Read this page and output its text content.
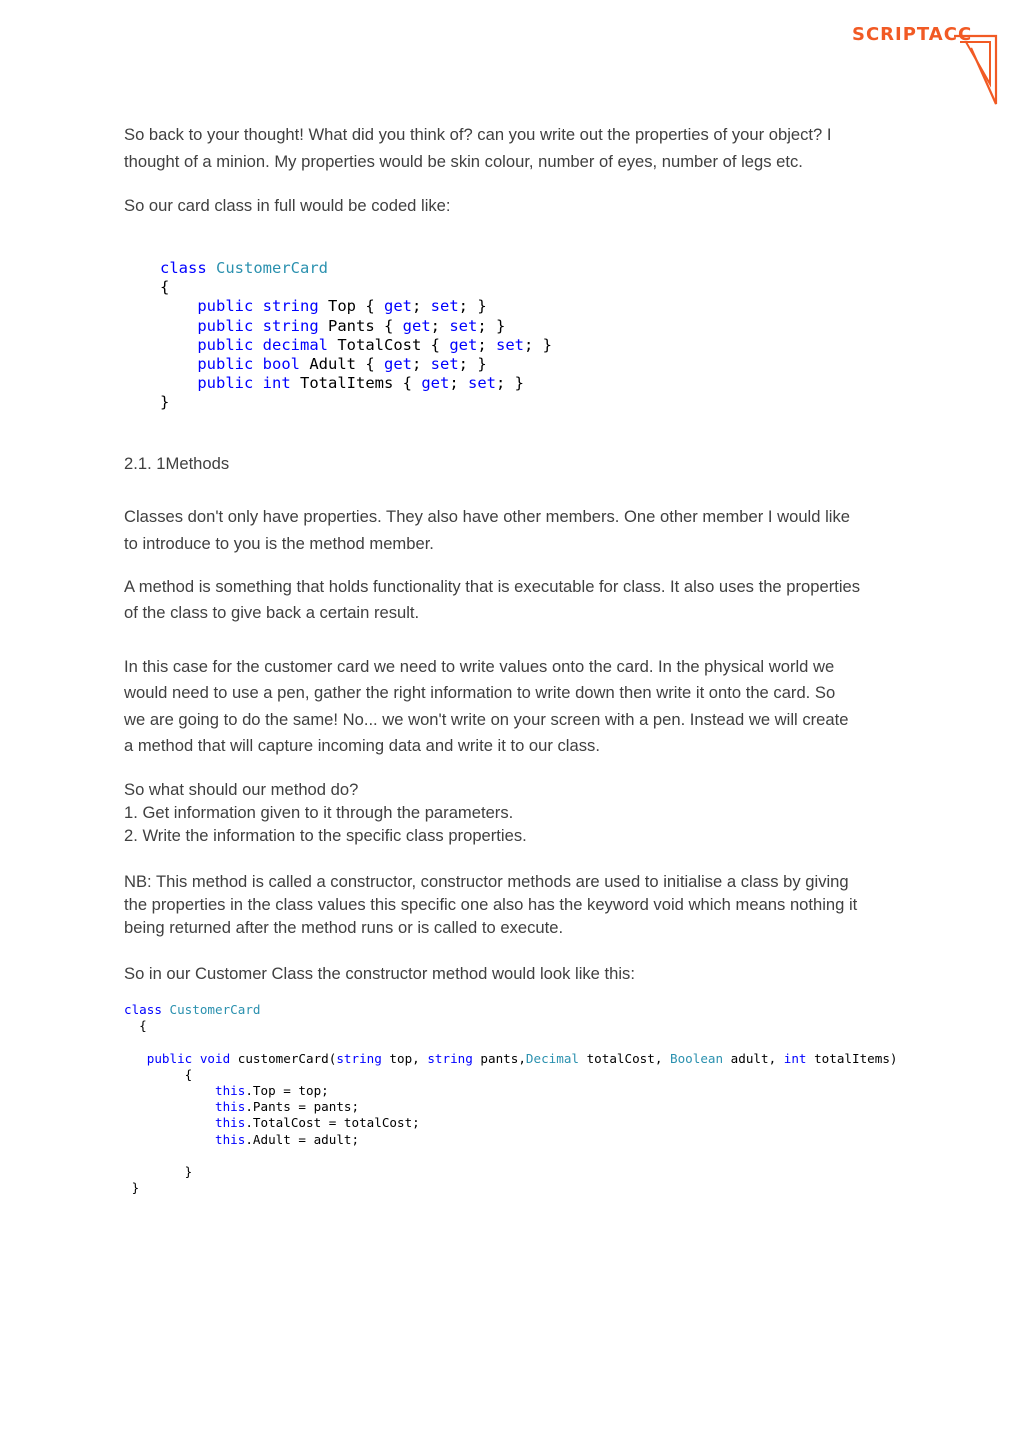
SCRIPTACC

So back to your thought! What did you think of? can you write out the properties of your object? I

thought of a minion. My properties would be skin colour, number of eyes, number of legs etc.

So our card class in full would be coded like:

class CustomerCard
{
public string Top { get; set; }
public string Pants { get; set; }
public decimal TotalCost { get; set; }
public bool Adult { get; set; }
public int TotalItems { get; set; }
}

2.1. 1Methods

Classes don't only have properties. They also have other members. One other member I would like

to introduce to you is the method member.

A method is something that holds functionality that is executable for class. It also uses the properties

of the class to give back a certain result.

In this case for the customer card we need to write values onto the card. In the physical world we

would need to use a pen, gather the right information to write down then write it onto the card. So

we are going to do the same! No... we won't write on your screen with a pen. Instead we will create

a method that will capture incoming data and write it to our class.

So what should our method do?

1. Get information given to it through the parameters.

2. Write the information to the specific class properties.

NB: This method is called a constructor, constructor methods are used to initialise a class by giving

the properties in the class values this specific one also has the keyword void which means nothing it

being returned after the method runs or is called to execute.

So in our Customer Class the constructor method would look like this:

class CustomerCard
{

public void customerCard(string top, string pants,Decimal totalCost, Boolean adult, int totalItems)
{
this.Top = top;
this.Pants = pants;
this.TotalCost = totalCost;
this.Adult = adult;

}
}
